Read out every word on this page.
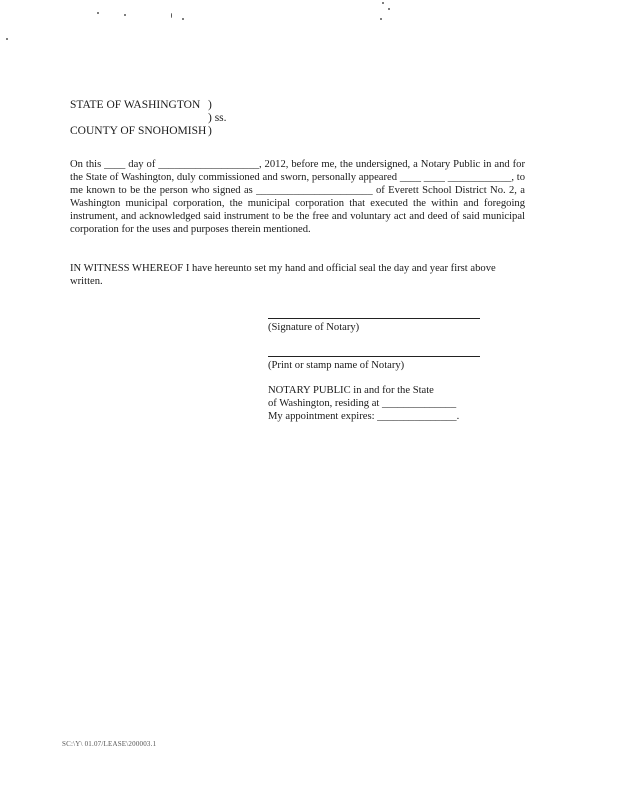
STATE OF WASHINGTON )
) ss.
COUNTY OF SNOHOMISH )
On this ____ day of ___________________, 2012, before me, the undersigned, a Notary Public in and for the State of Washington, duly commissioned and sworn, personally appeared ____ ____ ____________, to me known to be the person who signed as ______________________ of Everett School District No. 2, a Washington municipal corporation, the municipal corporation that executed the within and foregoing instrument, and acknowledged said instrument to be the free and voluntary act and deed of said municipal corporation for the uses and purposes therein mentioned.
IN WITNESS WHEREOF I have hereunto set my hand and official seal the day and year first above written.
(Signature of Notary)
(Print or stamp name of Notary)
NOTARY PUBLIC in and for the State
of Washington, residing at ______________
My appointment expires: _______________.
SC:\Y\ 01.07/LEASE\200003.1
